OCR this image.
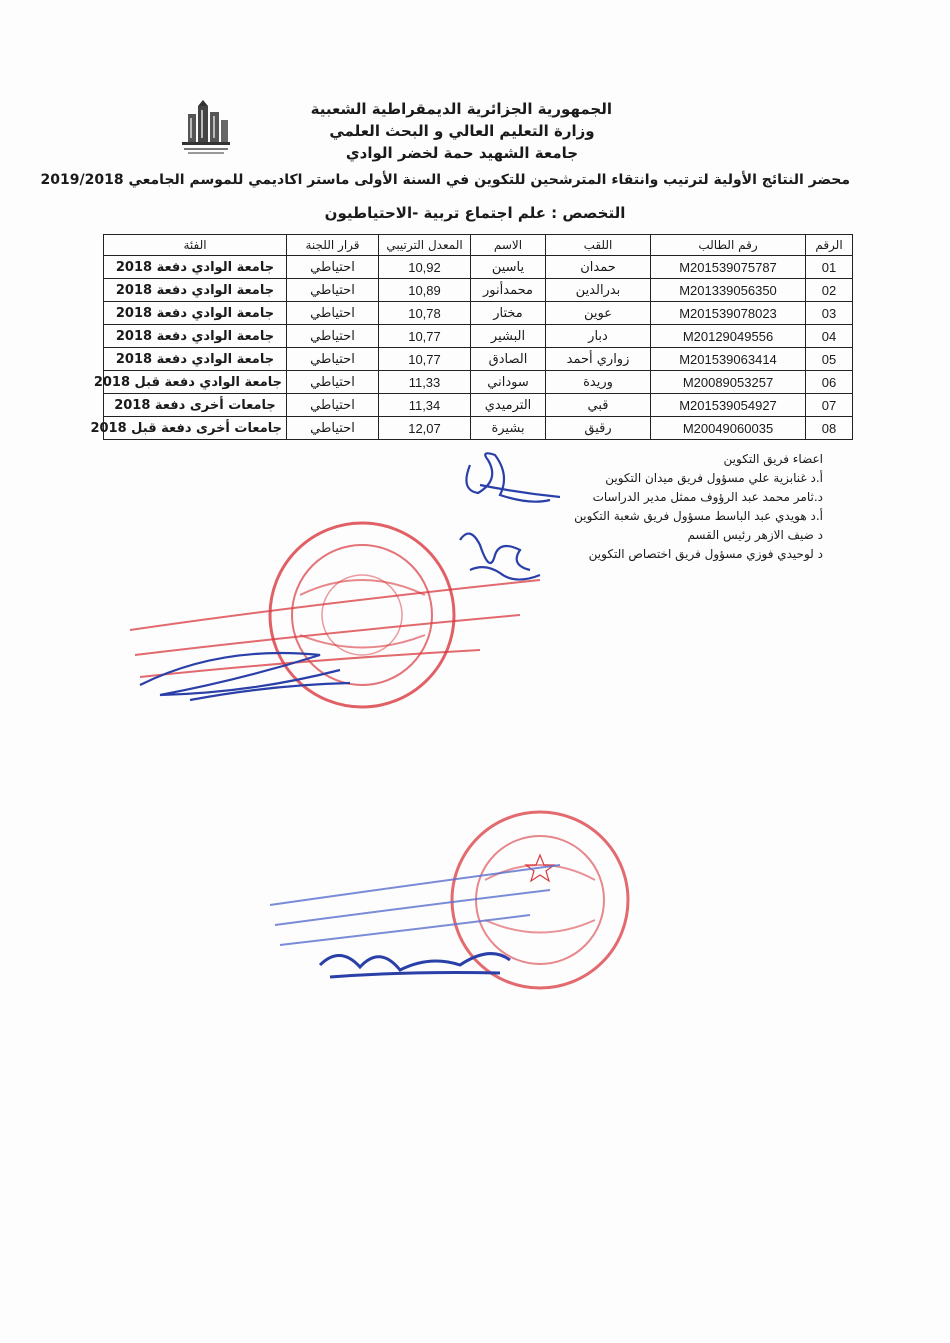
الجمهورية الجزائرية الديمقراطية الشعبية
وزارة التعليم العالي و البحث العلمي
جامعة الشهيد حمة لخضر الوادي
محضر النتائج الأولية لترتيب وانتقاء المترشحين للتكوين في السنة الأولى ماستر اكاديمي للموسم الجامعي 2019/2018
التخصص : علم اجتماع تربية -الاحتياطيون
الرقم	رقم الطالب	اللقب	الاسم	المعدل الترتيبي	قرار اللجنة	الفئة
01	M201539075787	حمدان	ياسين	10,92	احتياطي	جامعة الوادي دفعة 2018
02	M201339056350	بدرالدين	محمدأنور	10,89	احتياطي	جامعة الوادي دفعة 2018
03	M201539078023	عوين	مختار	10,78	احتياطي	جامعة الوادي دفعة 2018
04	M20129049556	دبار	البشير	10,77	احتياطي	جامعة الوادي دفعة 2018
05	M201539063414	زواري أحمد	الصادق	10,77	احتياطي	جامعة الوادي دفعة 2018
06	M20089053257	وريدة	سوداني	11,33	احتياطي	جامعة الوادي دفعة قبل 2018
07	M201539054927	قبي	الترميدي	11,34	احتياطي	جامعات أخرى دفعة 2018
08	M20049060035	رقيق	بشيرة	12,07	احتياطي	جامعات أخرى دفعة قبل 2018
اعضاء فريق التكوين
أ.د غنابزية علي مسؤول فريق ميدان التكوين
د.ثامر محمد عبد الرؤوف ممثل مدير الدراسات
أ.د هويدي عبد الباسط مسؤول فريق شعبة التكوين
د ضيف الازهر رئيس القسم
د لوحيدي فوزي مسؤول فريق اختصاص التكوين
